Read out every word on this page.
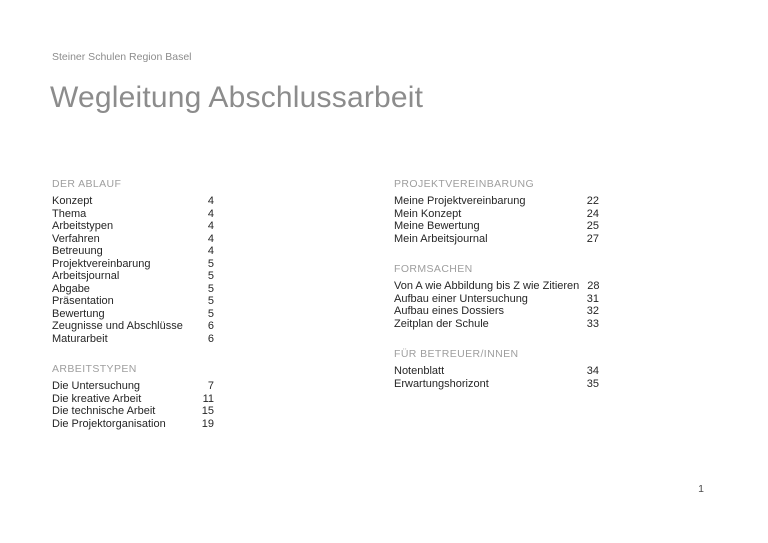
Steiner Schulen Region Basel
Wegleitung Abschlussarbeit
DER ABLAUF
Konzept	4
Thema	4
Arbeitstypen	4
Verfahren	4
Betreuung	4
Projektvereinbarung	5
Arbeitsjournal	5
Abgabe	5
Präsentation	5
Bewertung	5
Zeugnisse und Abschlüsse	6
Maturarbeit	6
ARBEITSTYPEN
Die Untersuchung	7
Die kreative Arbeit	11
Die technische Arbeit	15
Die Projektorganisation	19
PROJEKTVEREINBARUNG
Meine Projektvereinbarung	22
Mein Konzept	24
Meine Bewertung	25
Mein Arbeitsjournal	27
FORMSACHEN
Von A wie Abbildung bis Z wie Zitieren 28
Aufbau einer Untersuchung	31
Aufbau eines Dossiers	32
Zeitplan der Schule	33
FÜR BETREUER/INNEN
Notenblatt	34
Erwartungshorizont	35
1
